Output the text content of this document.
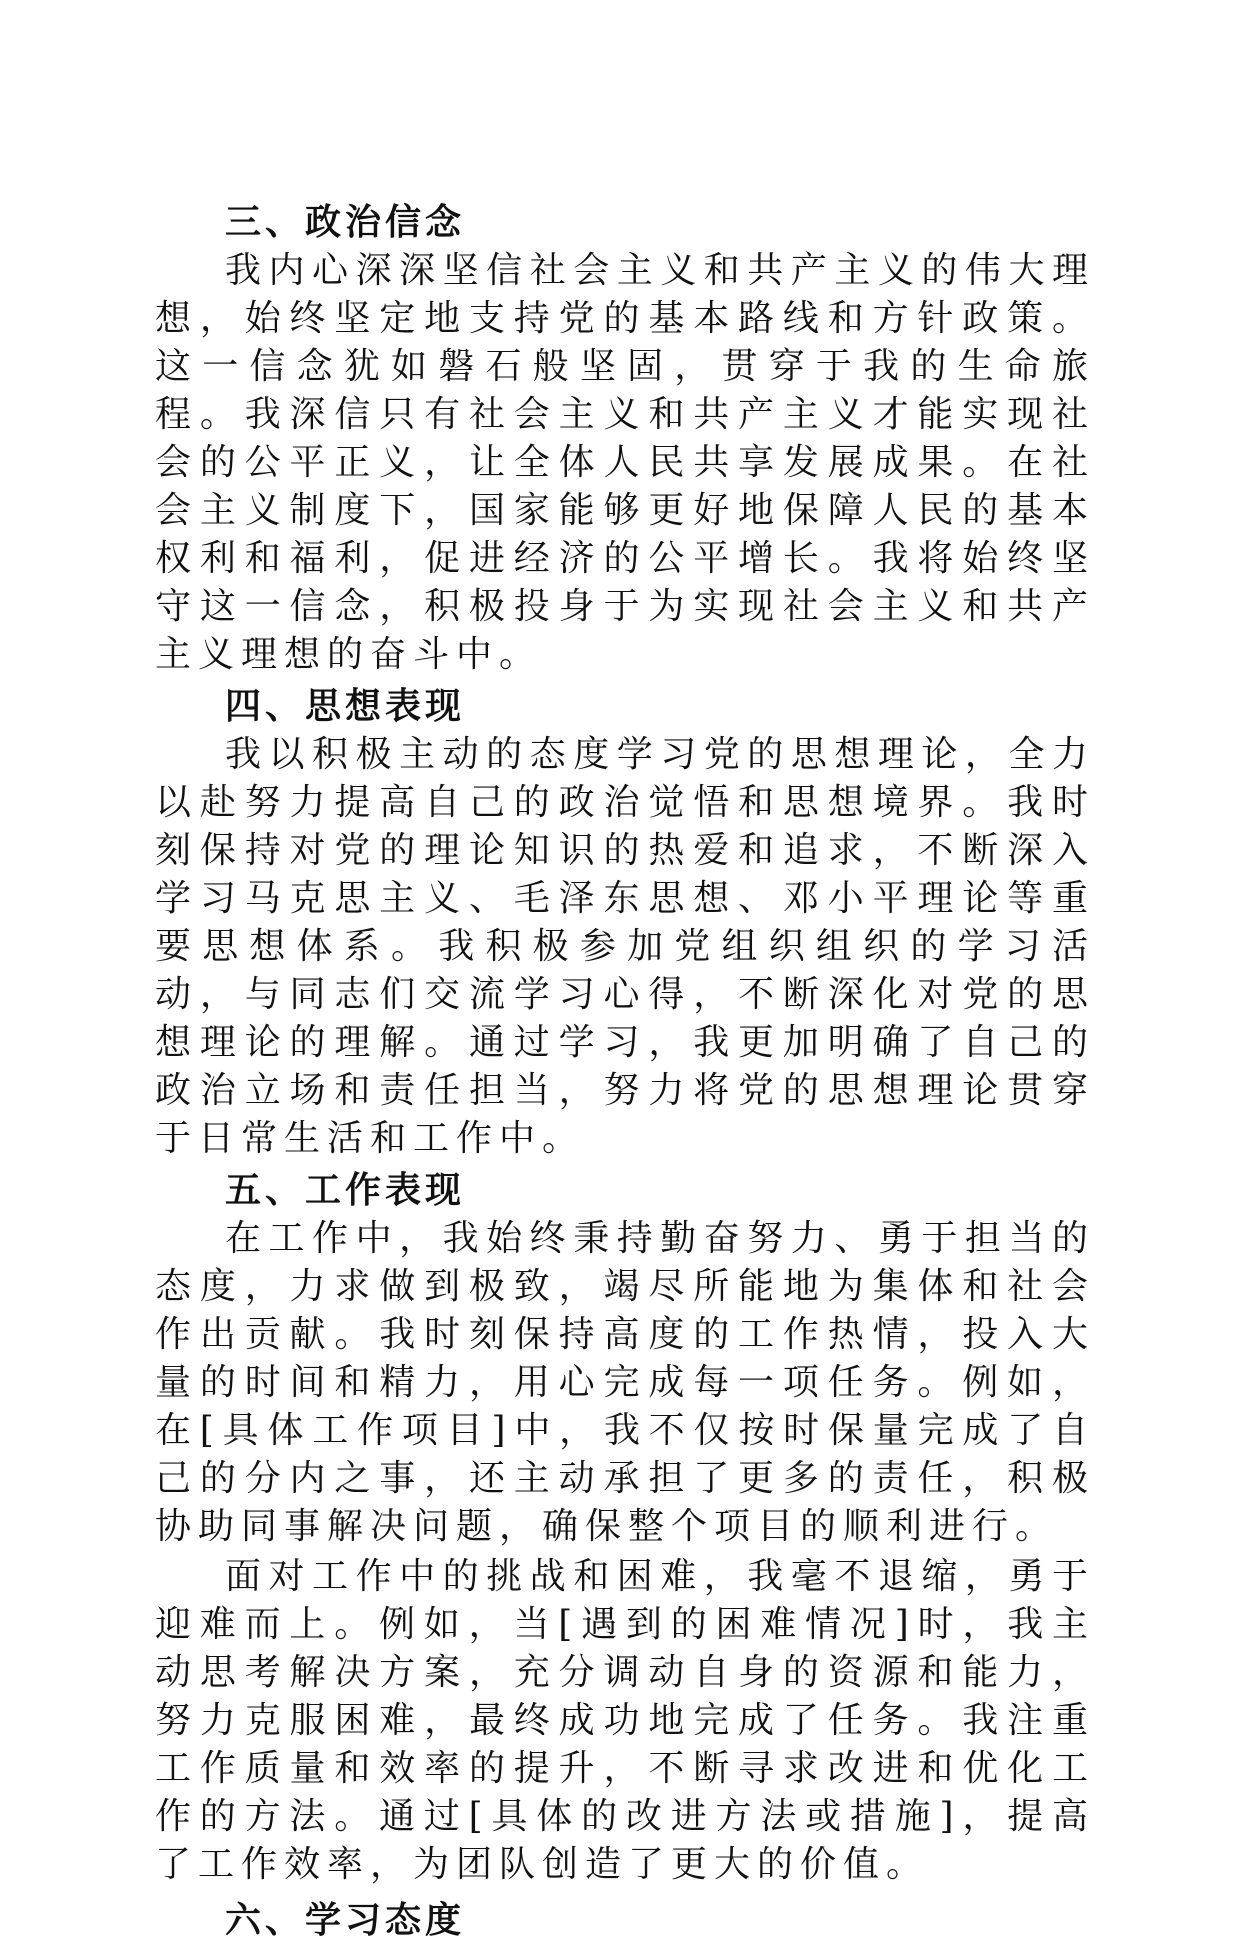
三、政治信念

我内心深深坚信社会主义和共产主义的伟大理想，始终坚定地支持党的基本路线和方针政策。这一信念犹如磐石般坚固，贯穿于我的生命旅程。我深信只有社会主义和共产主义才能实现社会的公平正义，让全体人民共享发展成果。在社会主义制度下，国家能够更好地保障人民的基本权利和福利，促进经济的公平增长。我将始终坚守这一信念，积极投身于为实现社会主义和共产主义理想的奋斗中。

四、思想表现

我以积极主动的态度学习党的思想理论，全力以赴努力提高自己的政治觉悟和思想境界。我时刻保持对党的理论知识的热爱和追求，不断深入学习马克思主义、毛泽东思想、邓小平理论等重要思想体系。我积极参加党组织组织的学习活动，与同志们交流学习心得，不断深化对党的思想理论的理解。通过学习，我更加明确了自己的政治立场和责任担当，努力将党的思想理论贯穿于日常生活和工作中。

五、工作表现

在工作中，我始终秉持勤奋努力、勇于担当的态度，力求做到极致，竭尽所能地为集体和社会作出贡献。我时刻保持高度的工作热情，投入大量的时间和精力，用心完成每一项任务。例如，在[具体工作项目]中，我不仅按时保量完成了自己的分内之事，还主动承担了更多的责任，积极协助同事解决问题，确保整个项目的顺利进行。

面对工作中的挑战和困难，我毫不退缩，勇于迎难而上。例如，当[遇到的困难情况]时，我主动思考解决方案，充分调动自身的资源和能力，努力克服困难，最终成功地完成了任务。我注重工作质量和效率的提升，不断寻求改进和优化工作的方法。通过[具体的改进方法或措施]，提高了工作效率，为团队创造了更大的价值。

六、学习态度
